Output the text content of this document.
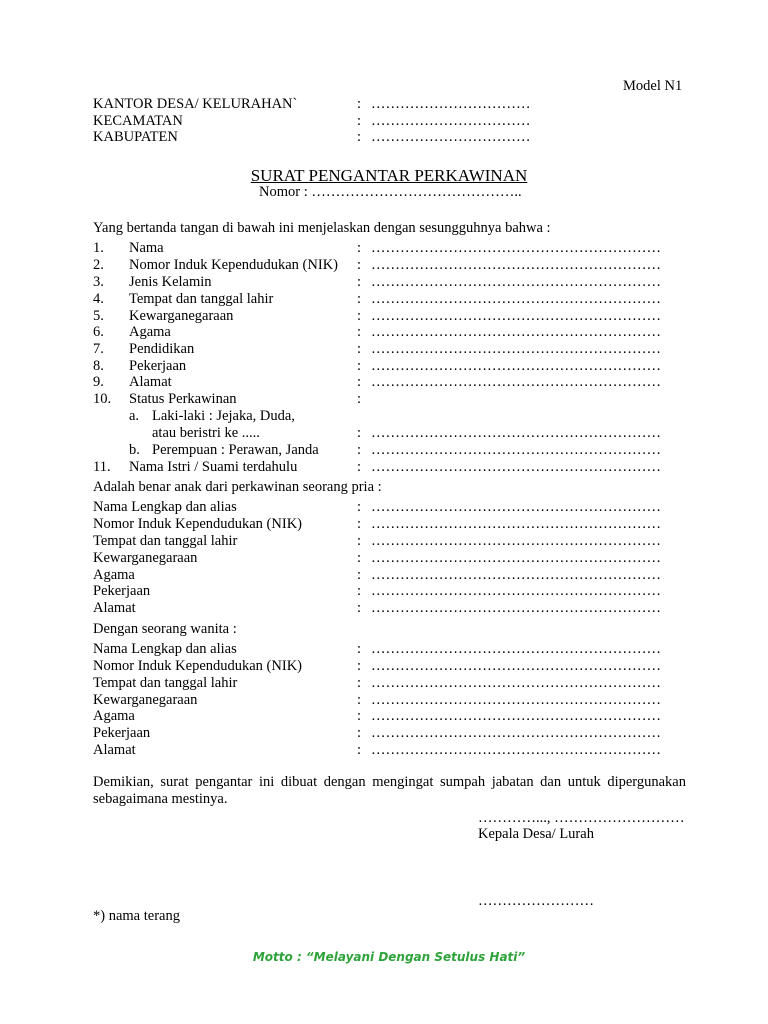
Model N1
KANTOR DESA/ KELURAHAN`	: ……………………………
KECAMATAN	: ……………………………
KABUPATEN	: ……………………………
SURAT PENGANTAR PERKAWINAN
Nomor : ……………………………………..
Yang bertanda tangan di bawah ini menjelaskan dengan sesungguhnya bahwa :
1. Nama	: ……………………………………………………
2. Nomor Induk Kependudukan (NIK) : ……………………………………………………
3. Jenis Kelamin	: ……………………………………………………
4. Tempat dan tanggal lahir	: ……………………………………………………
5. Kewarganegaraan	: ……………………………………………………
6. Agama	: ……………………………………………………
7. Pendidikan	: ……………………………………………………
8. Pekerjaan	: ……………………………………………………
9. Alamat	: ……………………………………………………
10. Status Perkawinan	:
a. Laki-laki : Jejaka, Duda,
atau beristri ke .....	: ……………………………………………………
b. Perempuan : Perawan, Janda	: ……………………………………………………
11. Nama Istri / Suami terdahulu	: ……………………………………………………
Adalah benar anak dari perkawinan seorang pria :
Nama Lengkap dan alias	: ……………………………………………………
Nomor Induk Kependudukan (NIK)	: ……………………………………………………
Tempat dan tanggal lahir	: ……………………………………………………
Kewarganegaraan	: ……………………………………………………
Agama	: ……………………………………………………
Pekerjaan	: ……………………………………………………
Alamat	: ……………………………………………………
Dengan seorang wanita :
Nama Lengkap dan alias	: ……………………………………………………
Nomor Induk Kependudukan (NIK)	: ……………………………………………………
Tempat dan tanggal lahir	: ……………………………………………………
Kewarganegaraan	: ……………………………………………………
Agama	: ……………………………………………………
Pekerjaan	: ……………………………………………………
Alamat	: ……………………………………………………
Demikian, surat pengantar ini dibuat dengan mengingat sumpah jabatan dan untuk dipergunakan sebagaimana mestinya.
…………..., ………………………
Kepala Desa/ Lurah
……………………
*) nama terang
Motto : “Melayani Dengan Setulus Hati”
